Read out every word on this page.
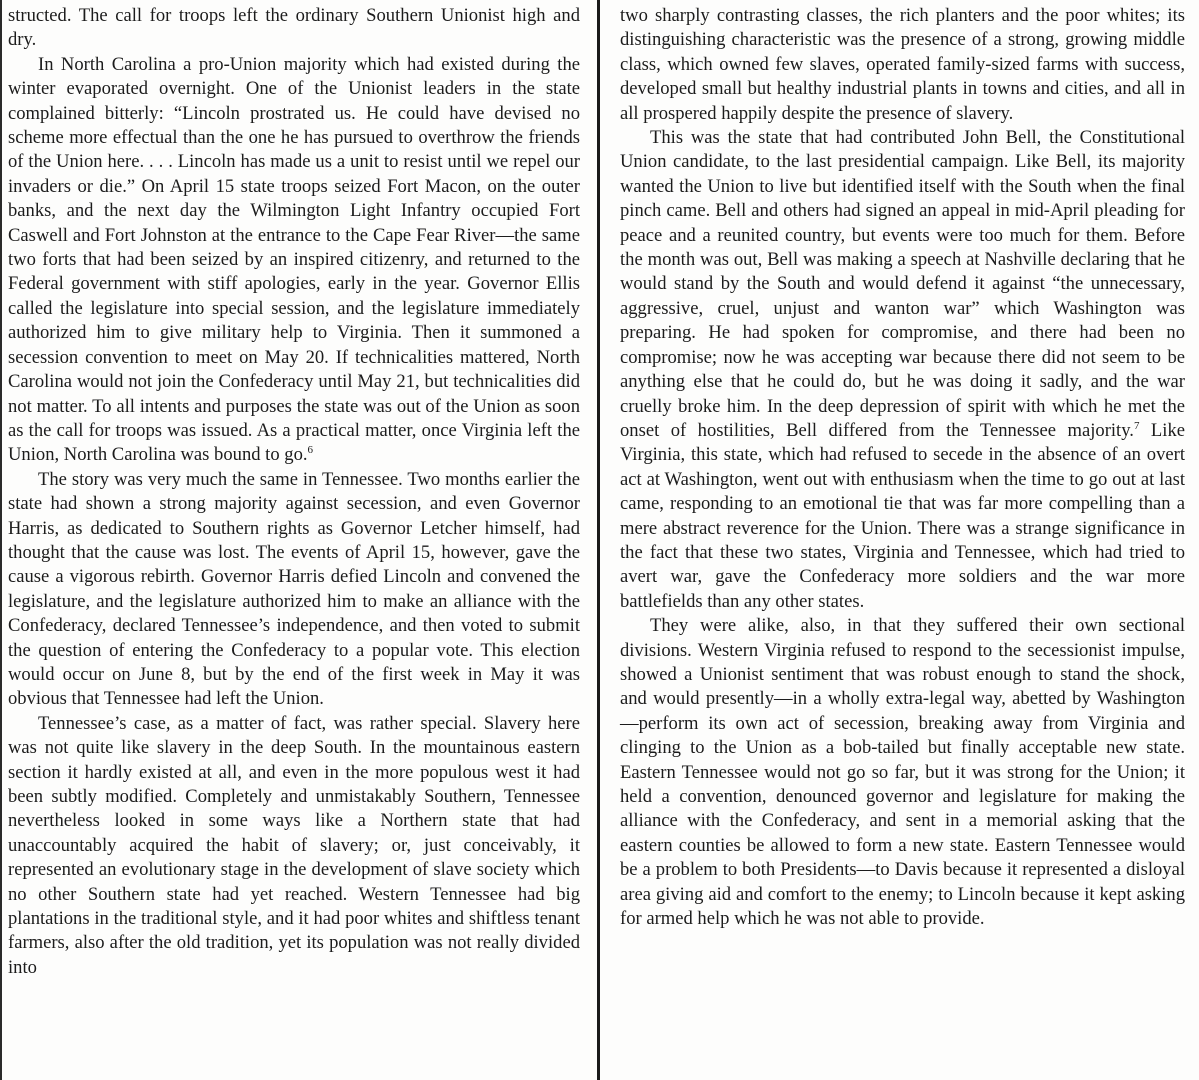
structed. The call for troops left the ordinary Southern Unionist high and dry.

In North Carolina a pro-Union majority which had existed during the winter evaporated overnight. One of the Unionist leaders in the state complained bitterly: “Lincoln prostrated us. He could have devised no scheme more effectual than the one he has pursued to overthrow the friends of the Union here. . . . Lincoln has made us a unit to resist until we repel our invaders or die.” On April 15 state troops seized Fort Macon, on the outer banks, and the next day the Wilmington Light Infantry occupied Fort Caswell and Fort Johnston at the entrance to the Cape Fear River—the same two forts that had been seized by an inspired citizenry, and returned to the Federal government with stiff apologies, early in the year. Governor Ellis called the legislature into special session, and the legislature immediately authorized him to give military help to Virginia. Then it summoned a secession convention to meet on May 20. If technicalities mattered, North Carolina would not join the Confederacy until May 21, but technicalities did not matter. To all intents and purposes the state was out of the Union as soon as the call for troops was issued. As a practical matter, once Virginia left the Union, North Carolina was bound to go.$^6$

The story was very much the same in Tennessee. Two months earlier the state had shown a strong majority against secession, and even Governor Harris, as dedicated to Southern rights as Governor Letcher himself, had thought that the cause was lost. The events of April 15, however, gave the cause a vigorous rebirth. Governor Harris defied Lincoln and convened the legislature, and the legislature authorized him to make an alliance with the Confederacy, declared Tennessee’s independence, and then voted to submit the question of entering the Confederacy to a popular vote. This election would occur on June 8, but by the end of the first week in May it was obvious that Tennessee had left the Union.

Tennessee’s case, as a matter of fact, was rather special. Slavery here was not quite like slavery in the deep South. In the mountainous eastern section it hardly existed at all, and even in the more populous west it had been subtly modified. Completely and unmistakably Southern, Tennessee nevertheless looked in some ways like a Northern state that had unaccountably acquired the habit of slavery; or, just conceivably, it represented an evolutionary stage in the development of slave society which no other Southern state had yet reached. Western Tennessee had big plantations in the traditional style, and it had poor whites and shiftless tenant farmers, also after the old tradition, yet its population was not really divided into

two sharply contrasting classes, the rich planters and the poor whites; its distinguishing characteristic was the presence of a strong, growing middle class, which owned few slaves, operated family-sized farms with success, developed small but healthy industrial plants in towns and cities, and all in all prospered happily despite the presence of slavery.

This was the state that had contributed John Bell, the Constitutional Union candidate, to the last presidential campaign. Like Bell, its majority wanted the Union to live but identified itself with the South when the final pinch came. Bell and others had signed an appeal in mid-April pleading for peace and a reunited country, but events were too much for them. Before the month was out, Bell was making a speech at Nashville declaring that he would stand by the South and would defend it against “the unnecessary, aggressive, cruel, unjust and wanton war” which Washington was preparing. He had spoken for compromise, and there had been no compromise; now he was accepting war because there did not seem to be anything else that he could do, but he was doing it sadly, and the war cruelly broke him. In the deep depression of spirit with which he met the onset of hostilities, Bell differed from the Tennessee majority.$^7$ Like Virginia, this state, which had refused to secede in the absence of an overt act at Washington, went out with enthusiasm when the time to go out at last came, responding to an emotional tie that was far more compelling than a mere abstract reverence for the Union. There was a strange significance in the fact that these two states, Virginia and Tennessee, which had tried to avert war, gave the Confederacy more soldiers and the war more battlefields than any other states.

They were alike, also, in that they suffered their own sectional divisions. Western Virginia refused to respond to the secessionist impulse, showed a Unionist sentiment that was robust enough to stand the shock, and would presently—in a wholly extra-legal way, abetted by Washington—perform its own act of secession, breaking away from Virginia and clinging to the Union as a bob-tailed but finally acceptable new state. Eastern Tennessee would not go so far, but it was strong for the Union; it held a convention, denounced governor and legislature for making the alliance with the Confederacy, and sent in a memorial asking that the eastern counties be allowed to form a new state. Eastern Tennessee would be a problem to both Presidents—to Davis because it represented a disloyal area giving aid and comfort to the enemy; to Lincoln because it kept asking for armed help which he was not able to provide.
